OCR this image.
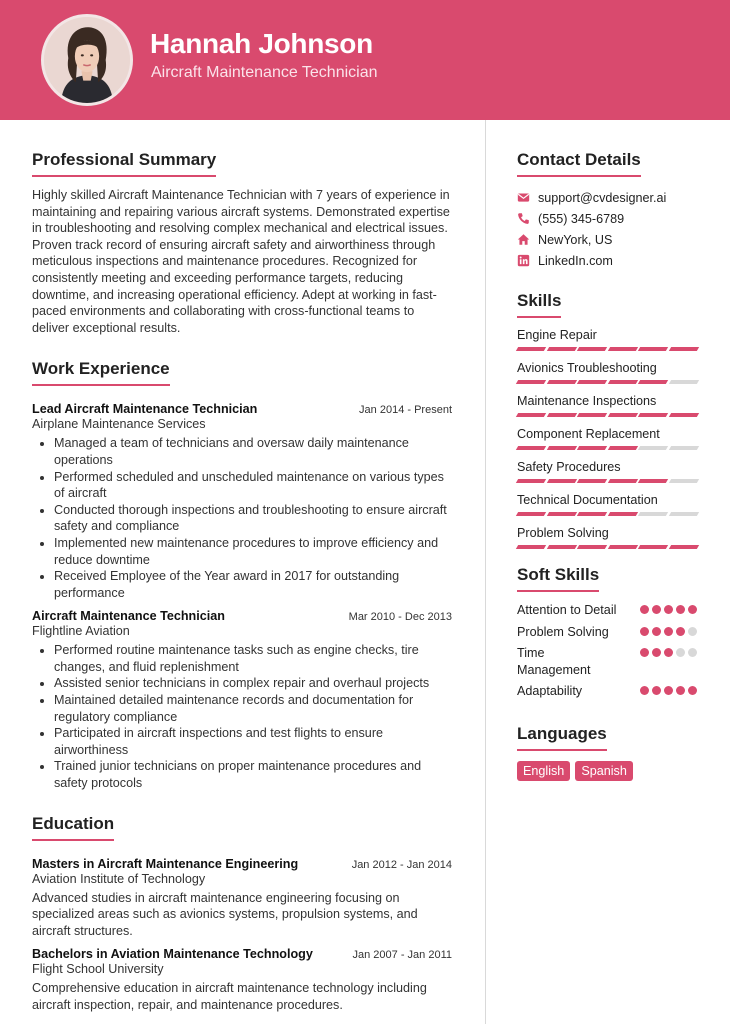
Hannah Johnson
Aircraft Maintenance Technician
Professional Summary
Highly skilled Aircraft Maintenance Technician with 7 years of experience in maintaining and repairing various aircraft systems. Demonstrated expertise in troubleshooting and resolving complex mechanical and electrical issues. Proven track record of ensuring aircraft safety and airworthiness through meticulous inspections and maintenance procedures. Recognized for consistently meeting and exceeding performance targets, reducing downtime, and increasing operational efficiency. Adept at working in fast-paced environments and collaborating with cross-functional teams to deliver exceptional results.
Work Experience
Lead Aircraft Maintenance Technician	Jan 2014 - Present
Airplane Maintenance Services
• Managed a team of technicians and oversaw daily maintenance operations
• Performed scheduled and unscheduled maintenance on various types of aircraft
• Conducted thorough inspections and troubleshooting to ensure aircraft safety and compliance
• Implemented new maintenance procedures to improve efficiency and reduce downtime
• Received Employee of the Year award in 2017 for outstanding performance
Aircraft Maintenance Technician	Mar 2010 - Dec 2013
Flightline Aviation
• Performed routine maintenance tasks such as engine checks, tire changes, and fluid replenishment
• Assisted senior technicians in complex repair and overhaul projects
• Maintained detailed maintenance records and documentation for regulatory compliance
• Participated in aircraft inspections and test flights to ensure airworthiness
• Trained junior technicians on proper maintenance procedures and safety protocols
Education
Masters in Aircraft Maintenance Engineering	Jan 2012 - Jan 2014
Aviation Institute of Technology
Advanced studies in aircraft maintenance engineering focusing on specialized areas such as avionics systems, propulsion systems, and aircraft structures.
Bachelors in Aviation Maintenance Technology	Jan 2007 - Jan 2011
Flight School University
Comprehensive education in aircraft maintenance technology including aircraft inspection, repair, and maintenance procedures.
Contact Details
support@cvdesigner.ai
(555) 345-6789
NewYork, US
LinkedIn.com
Skills
Engine Repair
Avionics Troubleshooting
Maintenance Inspections
Component Replacement
Safety Procedures
Technical Documentation
Problem Solving
Soft Skills
Attention to Detail
Problem Solving
Time Management
Adaptability
Languages
English	Spanish
